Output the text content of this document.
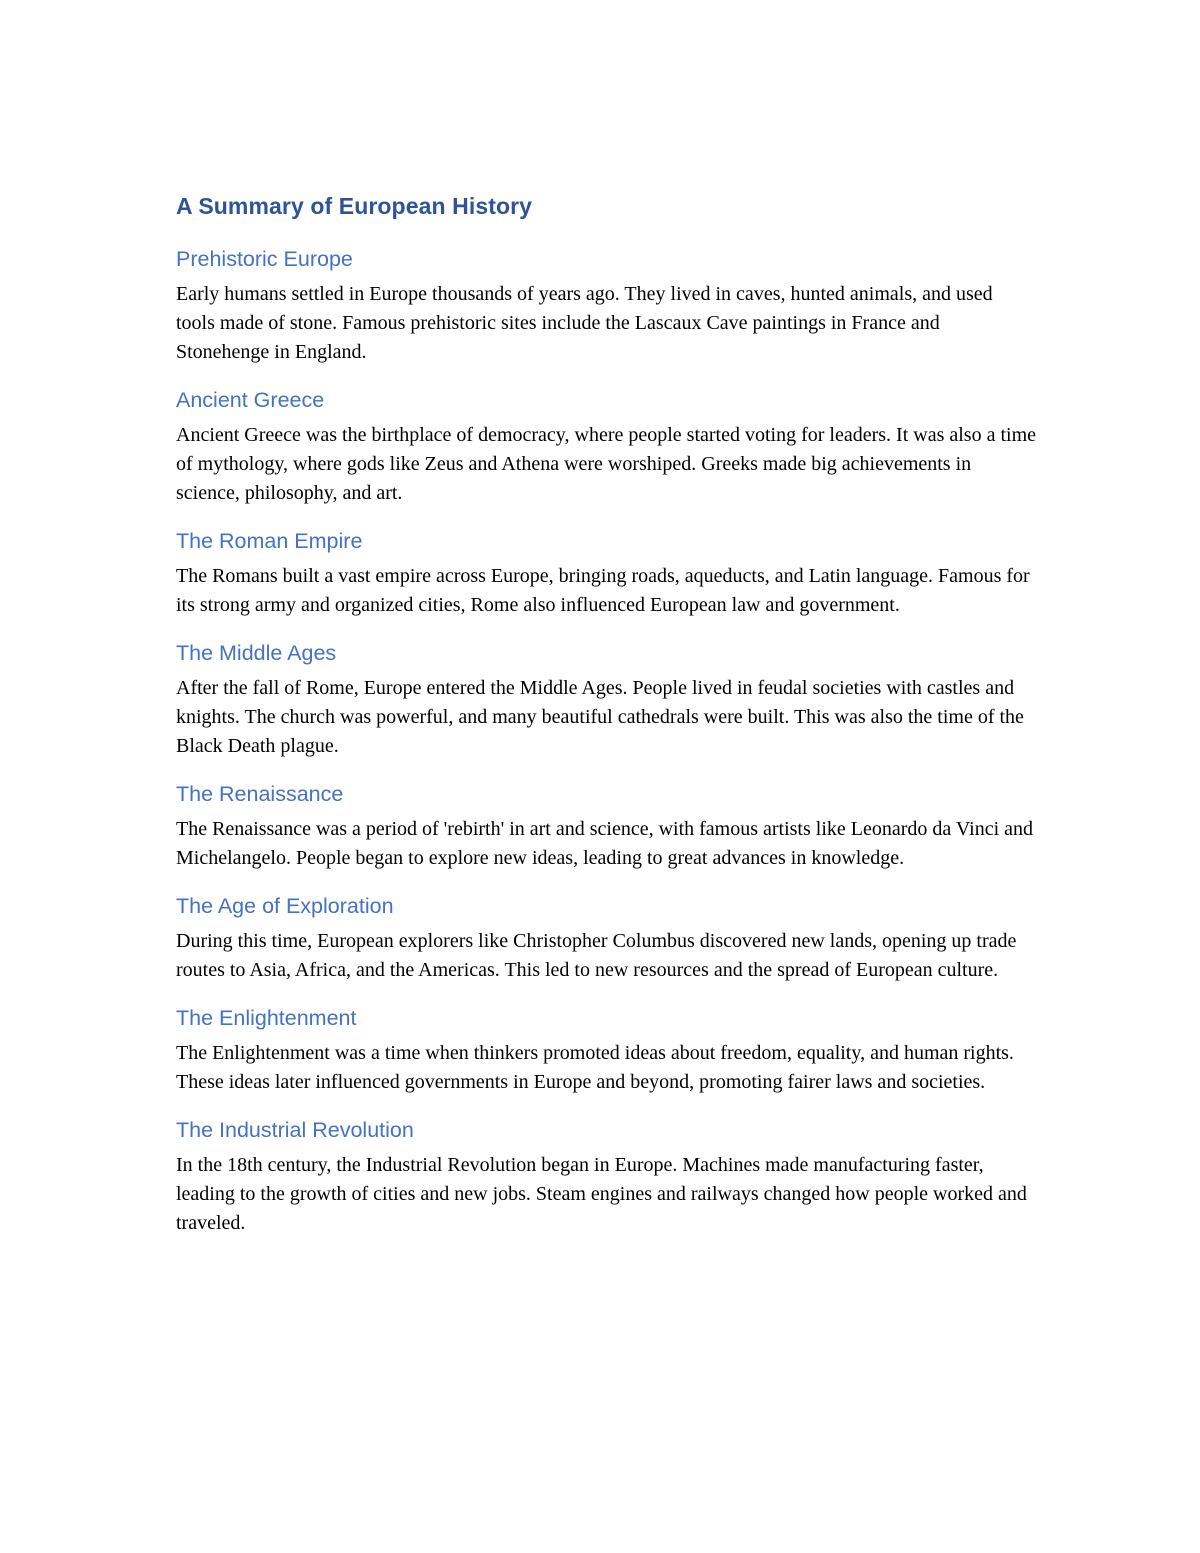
A Summary of European History
Prehistoric Europe

Early humans settled in Europe thousands of years ago. They lived in caves, hunted animals, and used tools made of stone. Famous prehistoric sites include the Lascaux Cave paintings in France and Stonehenge in England.

Ancient Greece

Ancient Greece was the birthplace of democracy, where people started voting for leaders. It was also a time of mythology, where gods like Zeus and Athena were worshiped. Greeks made big achievements in science, philosophy, and art.

The Roman Empire

The Romans built a vast empire across Europe, bringing roads, aqueducts, and Latin language. Famous for its strong army and organized cities, Rome also influenced European law and government.

The Middle Ages

After the fall of Rome, Europe entered the Middle Ages. People lived in feudal societies with castles and knights. The church was powerful, and many beautiful cathedrals were built. This was also the time of the Black Death plague.

The Renaissance

The Renaissance was a period of 'rebirth' in art and science, with famous artists like Leonardo da Vinci and Michelangelo. People began to explore new ideas, leading to great advances in knowledge.

The Age of Exploration

During this time, European explorers like Christopher Columbus discovered new lands, opening up trade routes to Asia, Africa, and the Americas. This led to new resources and the spread of European culture.

The Enlightenment

The Enlightenment was a time when thinkers promoted ideas about freedom, equality, and human rights. These ideas later influenced governments in Europe and beyond, promoting fairer laws and societies.

The Industrial Revolution

In the 18th century, the Industrial Revolution began in Europe. Machines made manufacturing faster, leading to the growth of cities and new jobs. Steam engines and railways changed how people worked and traveled.
